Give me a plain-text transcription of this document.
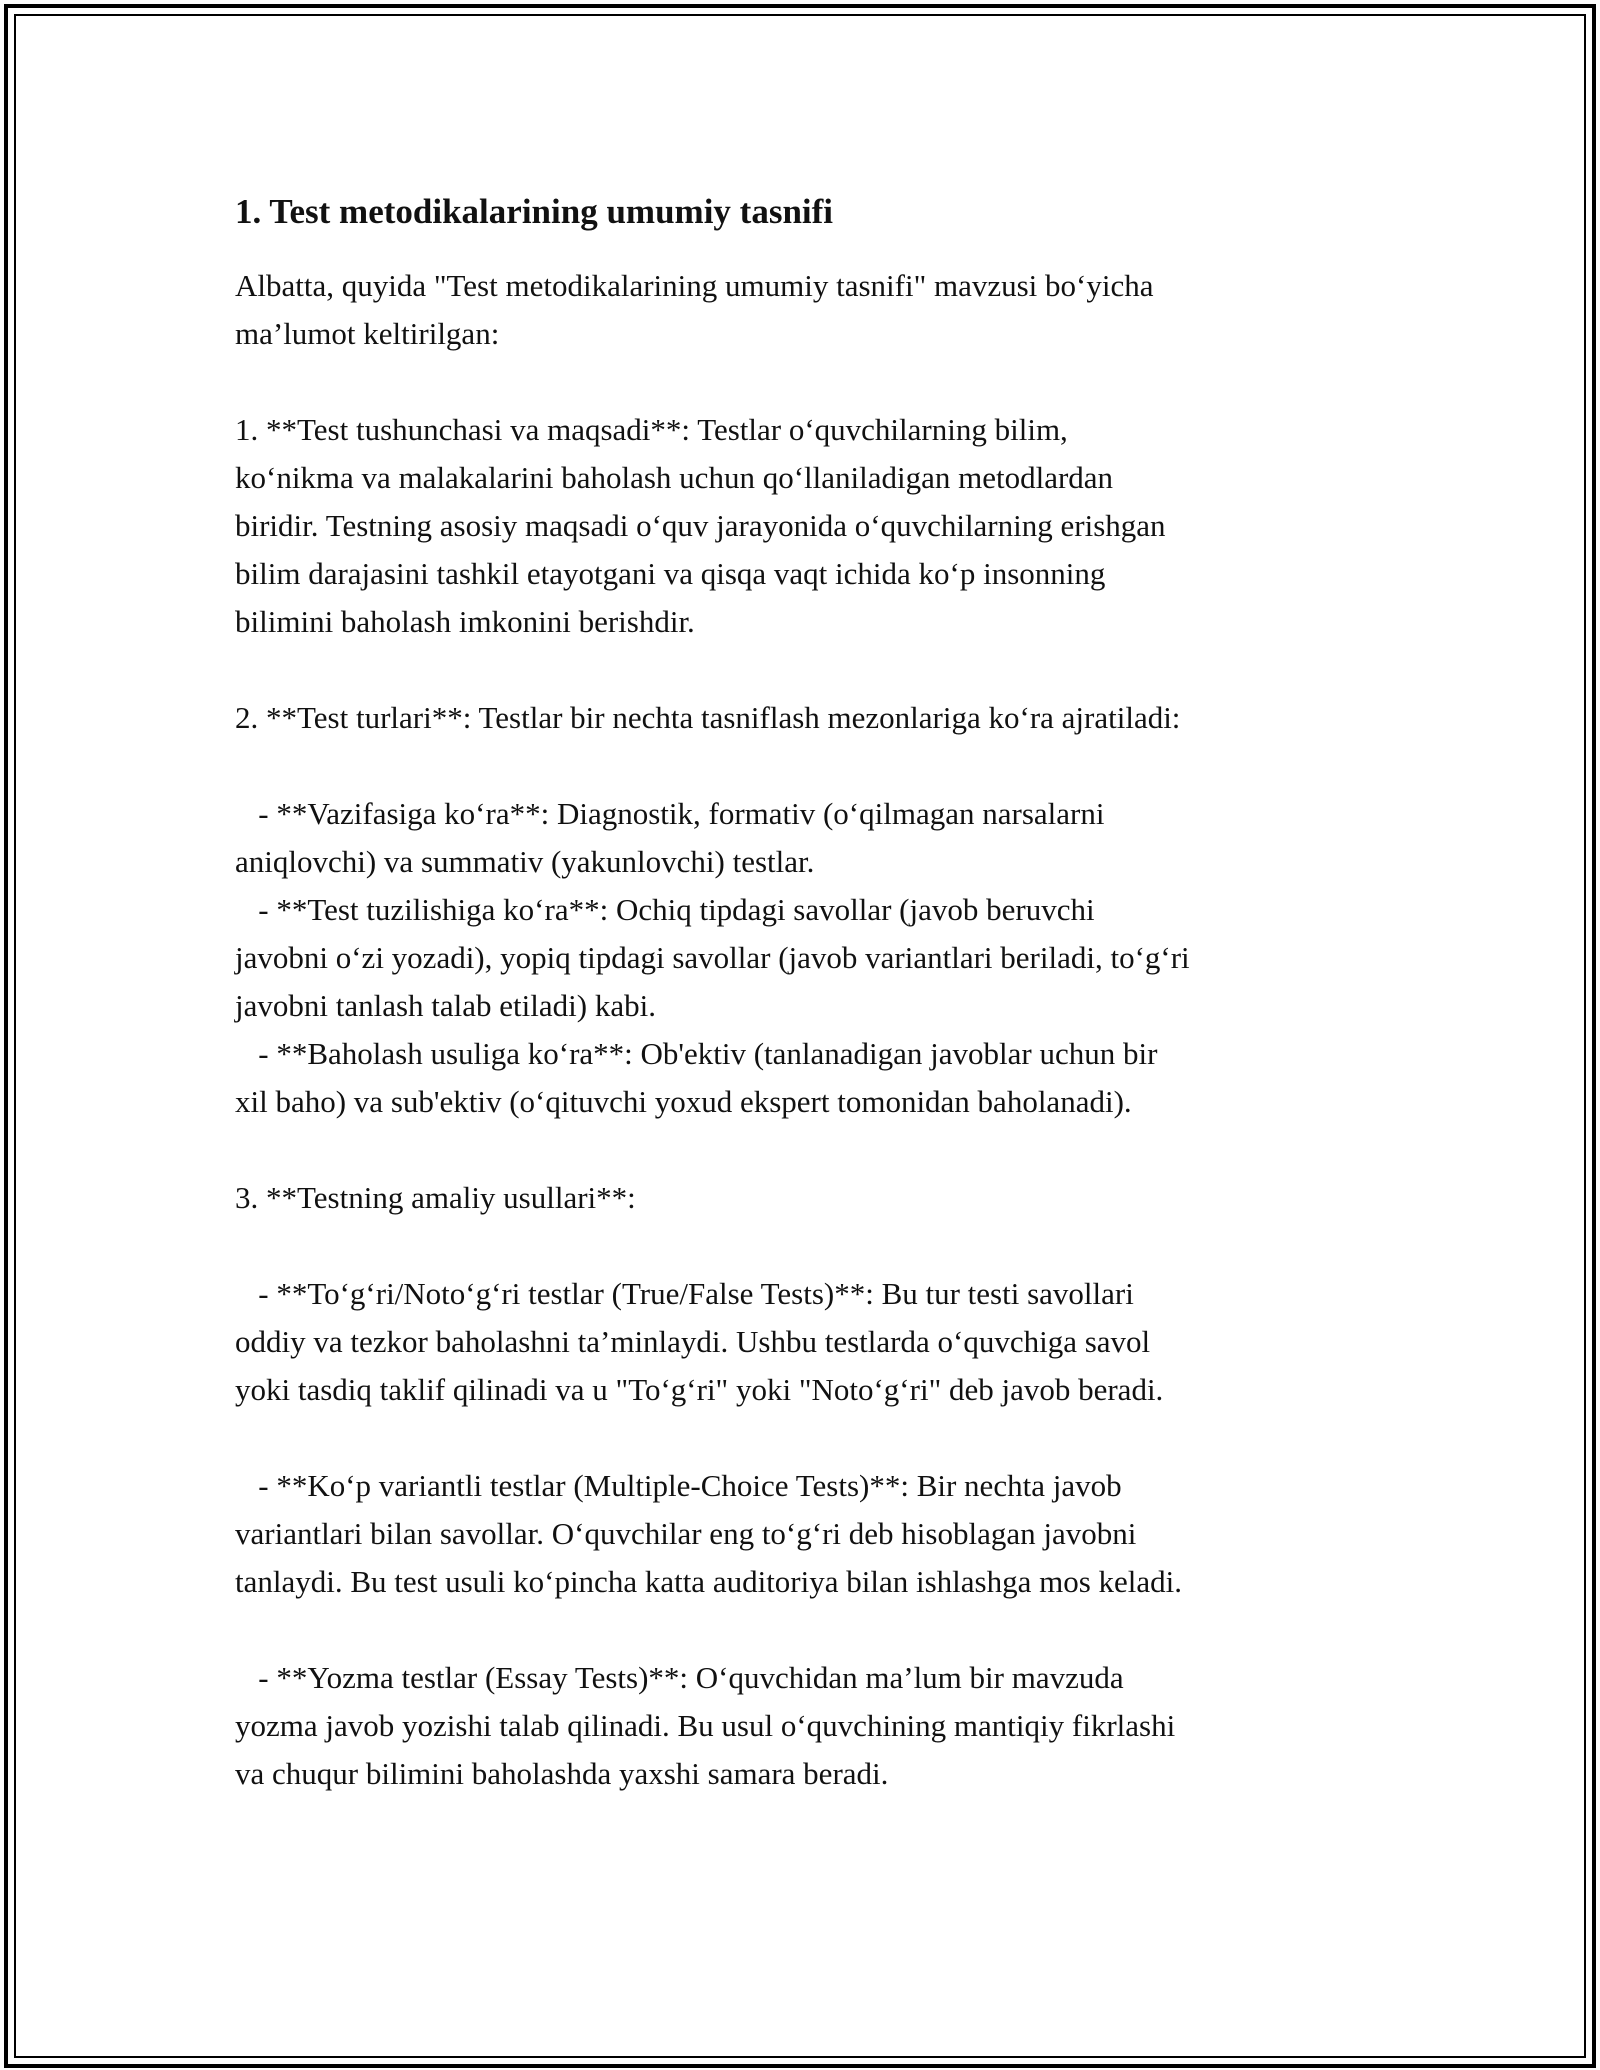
1. Test metodikalarining umumiy tasnifi

Albatta, quyida "Test metodikalarining umumiy tasnifi" mavzusi bo‘yicha
ma’lumot keltirilgan:

1. **Test tushunchasi va maqsadi**: Testlar o‘quvchilarning bilim,
ko‘nikma va malakalarini baholash uchun qo‘llaniladigan metodlardan
biridir. Testning asosiy maqsadi o‘quv jarayonida o‘quvchilarning erishgan
bilim darajasini tashkil etayotgani va qisqa vaqt ichida ko‘p insonning
bilimini baholash imkonini berishdir.

2. **Test turlari**: Testlar bir nechta tasniflash mezonlariga ko‘ra ajratiladi:

- **Vazifasiga ko‘ra**: Diagnostik, formativ (o‘qilmagan narsalarni
aniqlovchi) va summativ (yakunlovchi) testlar.

- **Test tuzilishiga ko‘ra**: Ochiq tipdagi savollar (javob beruvchi
javobni o‘zi yozadi), yopiq tipdagi savollar (javob variantlari beriladi, to‘g‘ri
javobni tanlash talab etiladi) kabi.

- **Baholash usuliga ko‘ra**: Ob'ektiv (tanlanadigan javoblar uchun bir
xil baho) va sub'ektiv (o‘qituvchi yoxud ekspert tomonidan baholanadi).

3. **Testning amaliy usullari**:

- **To‘g‘ri/Noto‘g‘ri testlar (True/False Tests)**: Bu tur testi savollari
oddiy va tezkor baholashni ta’minlaydi. Ushbu testlarda o‘quvchiga savol
yoki tasdiq taklif qilinadi va u "To‘g‘ri" yoki "Noto‘g‘ri" deb javob beradi.

- **Ko‘p variantli testlar (Multiple-Choice Tests)**: Bir nechta javob
variantlari bilan savollar. O‘quvchilar eng to‘g‘ri deb hisoblagan javobni
tanlaydi. Bu test usuli ko‘pincha katta auditoriya bilan ishlashga mos keladi.

- **Yozma testlar (Essay Tests)**: O‘quvchidan ma’lum bir mavzuda
yozma javob yozishi talab qilinadi. Bu usul o‘quvchining mantiqiy fikrlashi
va chuqur bilimini baholashda yaxshi samara beradi.
